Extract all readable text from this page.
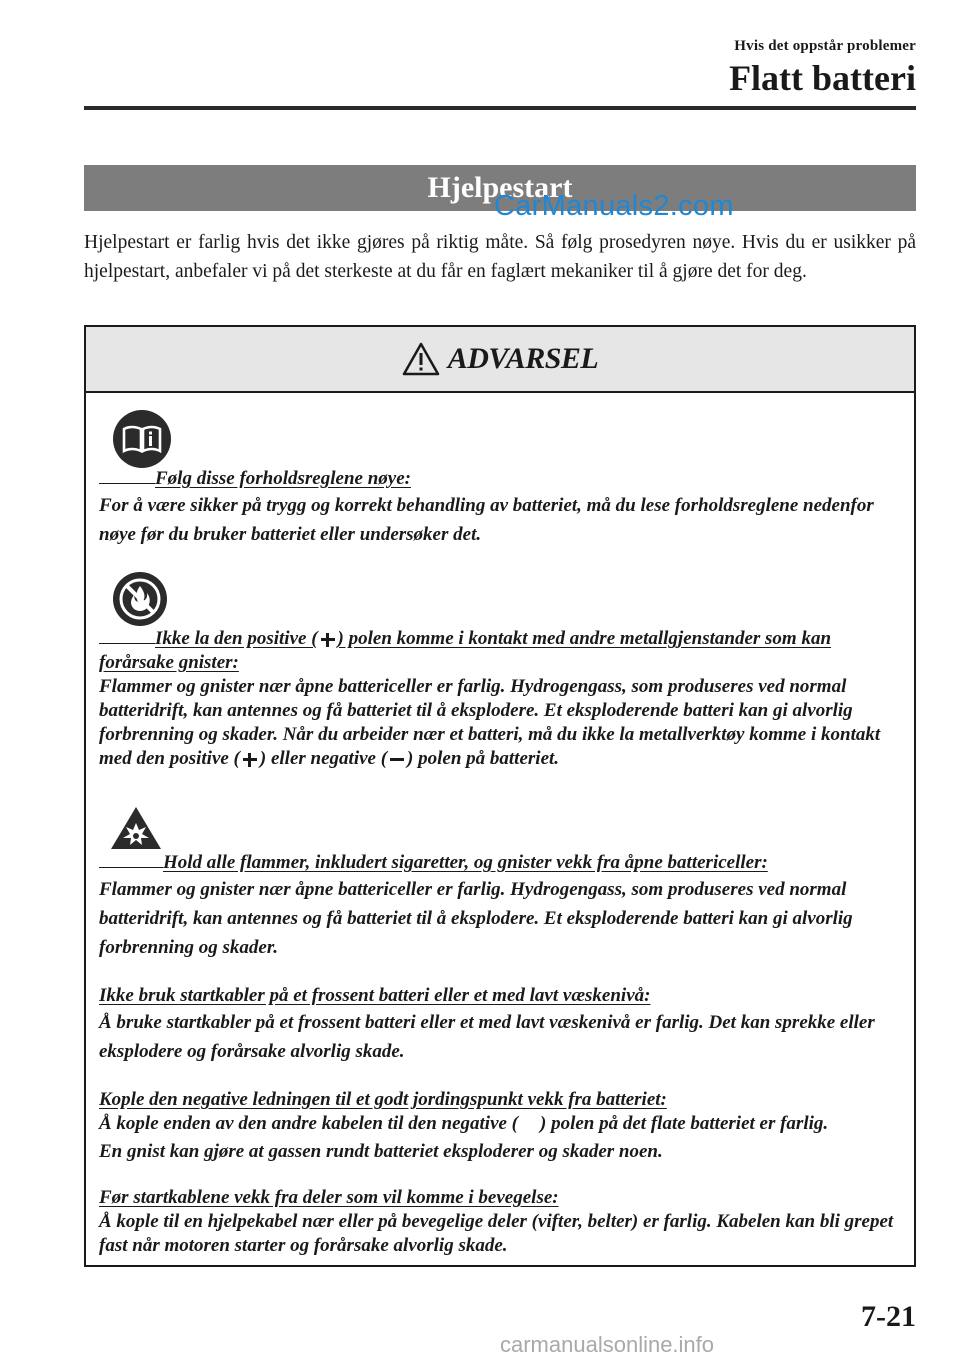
Hvis det oppstår problemer
Flatt batteri
Hjelpestart
CarManuals2.com

Hjelpestart er farlig hvis det ikke gjøres på riktig måte. Så følg prosedyren nøye. Hvis du er usikker på hjelpestart, anbefaler vi på det sterkeste at du får en faglært mekaniker til å gjøre det for deg.

ADVARSEL
Følg disse forholdsreglene nøye:
For å være sikker på trygg og korrekt behandling av batteriet, må du lese forholdsreglene nedenfor nøye før du bruker batteriet eller undersøker det.
Ikke la den positive ( ) polen komme i kontakt med andre metallgjenstander som kan forårsake gnister:
Flammer og gnister nær åpne battericeller er farlig. Hydrogengass, som produseres ved normal batteridrift, kan antennes og få batteriet til å eksplodere. Et eksploderende batteri kan gi alvorlig forbrenning og skader. Når du arbeider nær et batteri, må du ikke la metallverktøy komme i kontakt med den positive ( ) eller negative ( ) polen på batteriet.
Hold alle flammer, inkludert sigaretter, og gnister vekk fra åpne battericeller:
Flammer og gnister nær åpne battericeller er farlig. Hydrogengass, som produseres ved normal batteridrift, kan antennes og få batteriet til å eksplodere. Et eksploderende batteri kan gi alvorlig forbrenning og skader.
Ikke bruk startkabler på et frossent batteri eller et med lavt væskenivå:
Å bruke startkabler på et frossent batteri eller et med lavt væskenivå er farlig. Det kan sprekke eller eksplodere og forårsake alvorlig skade.
Kople den negative ledningen til et godt jordingspunkt vekk fra batteriet:
Å kople enden av den andre kabelen til den negative ( ) polen på det flate batteriet er farlig.
En gnist kan gjøre at gassen rundt batteriet eksploderer og skader noen.
Før startkablene vekk fra deler som vil komme i bevegelse:
Å kople til en hjelpekabel nær eller på bevegelige deler (vifter, belter) er farlig. Kabelen kan bli grepet fast når motoren starter og forårsake alvorlig skade.
7-21
carmanualsonline.info
